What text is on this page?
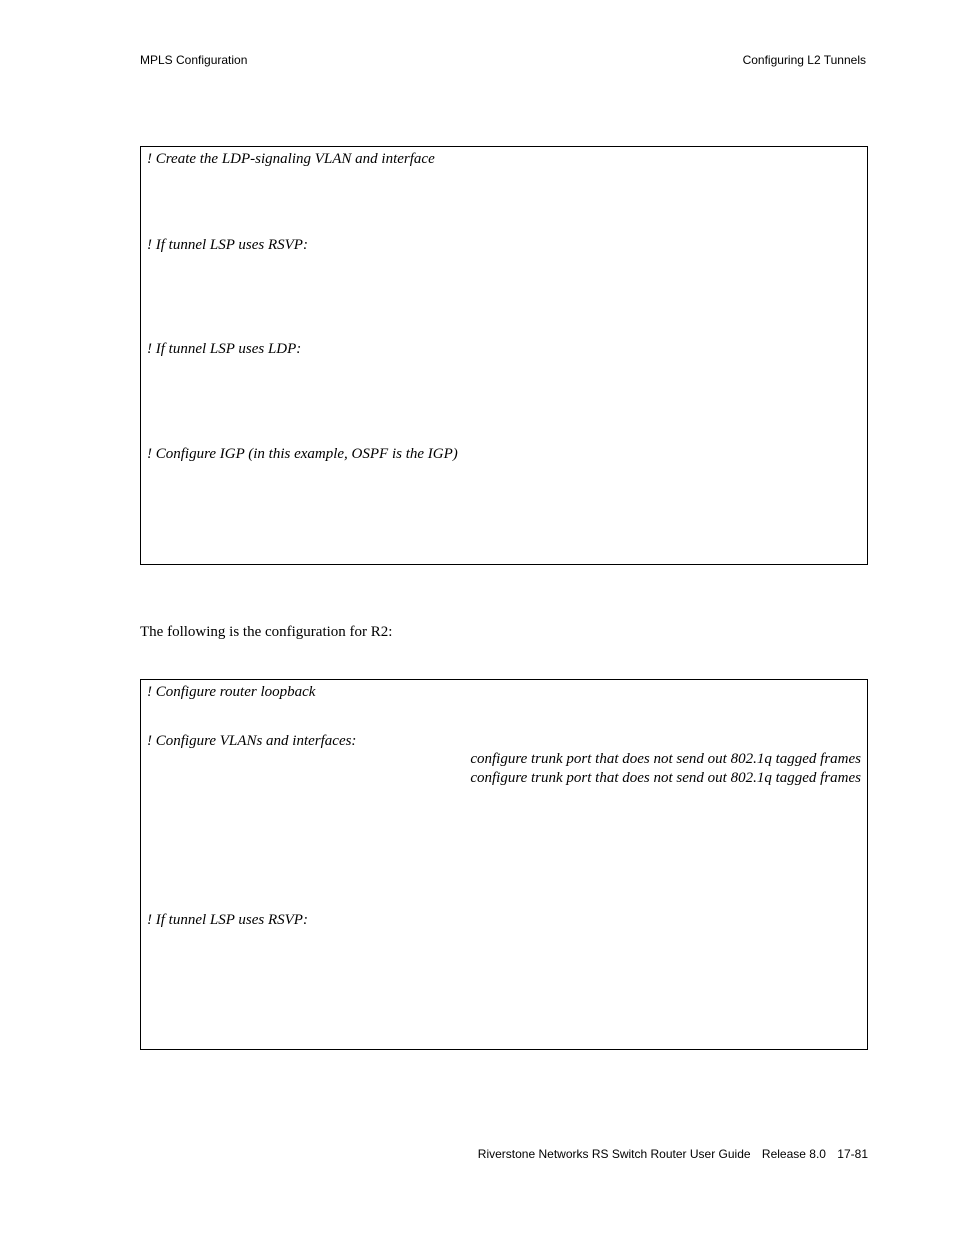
MPLS Configuration	Configuring L2 Tunnels
! Create the LDP-signaling VLAN and interface
! If tunnel LSP uses RSVP:
! If tunnel LSP uses LDP:
! Configure IGP (in this example, OSPF is the IGP)
The following is the configuration for R2:
! Configure router loopback
! Configure VLANs and interfaces:
configure trunk port that does not send out 802.1q tagged frames
configure trunk port that does not send out 802.1q tagged frames
! If tunnel LSP uses RSVP:
Riverstone Networks RS Switch Router User Guide Release 8.0 17-81
